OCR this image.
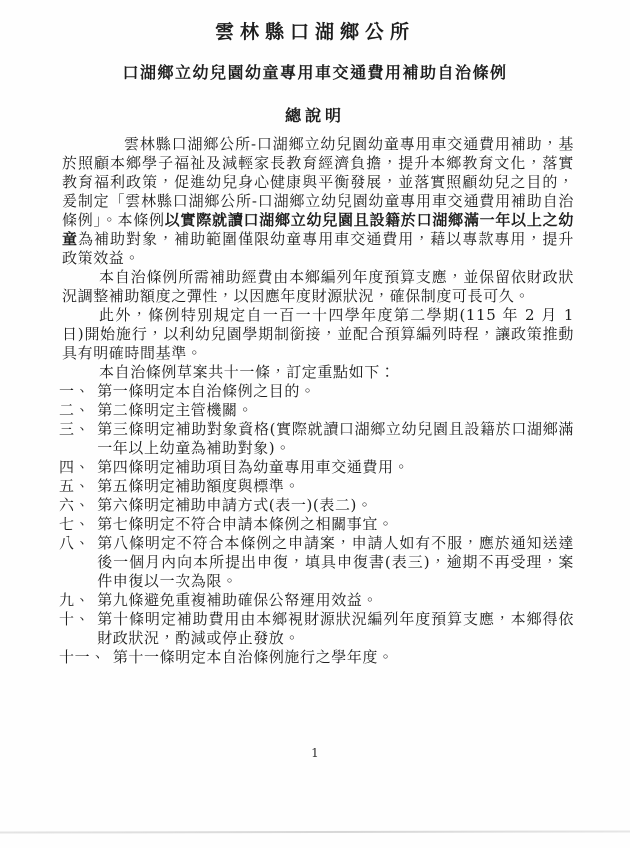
雲林縣口湖鄉公所
口湖鄉立幼兒園幼童專用車交通費用補助自治條例
總說明

雲林縣口湖鄉公所-口湖鄉立幼兒園幼童專用車交通費用補助，基於照顧本鄉學子福祉及減輕家長教育經濟負擔，提升本鄉教育文化，落實教育福利政策，促進幼兒身心健康與平衡發展，並落實照顧幼兒之目的，爰制定「雲林縣口湖鄉公所-口湖鄉立幼兒園幼童專用車交通費用補助自治條例」。本條例以實際就讀口湖鄉立幼兒園且設籍於口湖鄉滿一年以上之幼童為補助對象，補助範圍僅限幼童專用車交通費用，藉以專款專用，提升政策效益。

本自治條例所需補助經費由本鄉編列年度預算支應，並保留依財政狀況調整補助額度之彈性，以因應年度財源狀況，確保制度可長可久。

此外，條例特別規定自一百一十四學年度第二學期(115 年 2 月 1 日)開始施行，以利幼兒園學期制銜接，並配合預算編列時程，讓政策推動具有明確時間基準。

本自治條例草案共十一條，訂定重點如下：

一、 第一條明定本自治條例之目的。
二、 第二條明定主管機關。
三、 第三條明定補助對象資格(實際就讀口湖鄉立幼兒園且設籍於口湖鄉滿一年以上幼童為補助對象)。
四、 第四條明定補助項目為幼童專用車交通費用。
五、 第五條明定補助額度與標準。
六、 第六條明定補助申請方式(表一)(表二)。
七、 第七條明定不符合申請本條例之相關事宜。
八、 第八條明定不符合本條例之申請案，申請人如有不服，應於通知送達後一個月內向本所提出申復，填具申復書(表三)，逾期不再受理，案件申復以一次為限。
九、 第九條避免重複補助確保公帑運用效益。
十、 第十條明定補助費用由本鄉視財源狀況編列年度預算支應，本鄉得依財政狀況，酌減或停止發放。
十一、 第十一條明定本自治條例施行之學年度。
1
